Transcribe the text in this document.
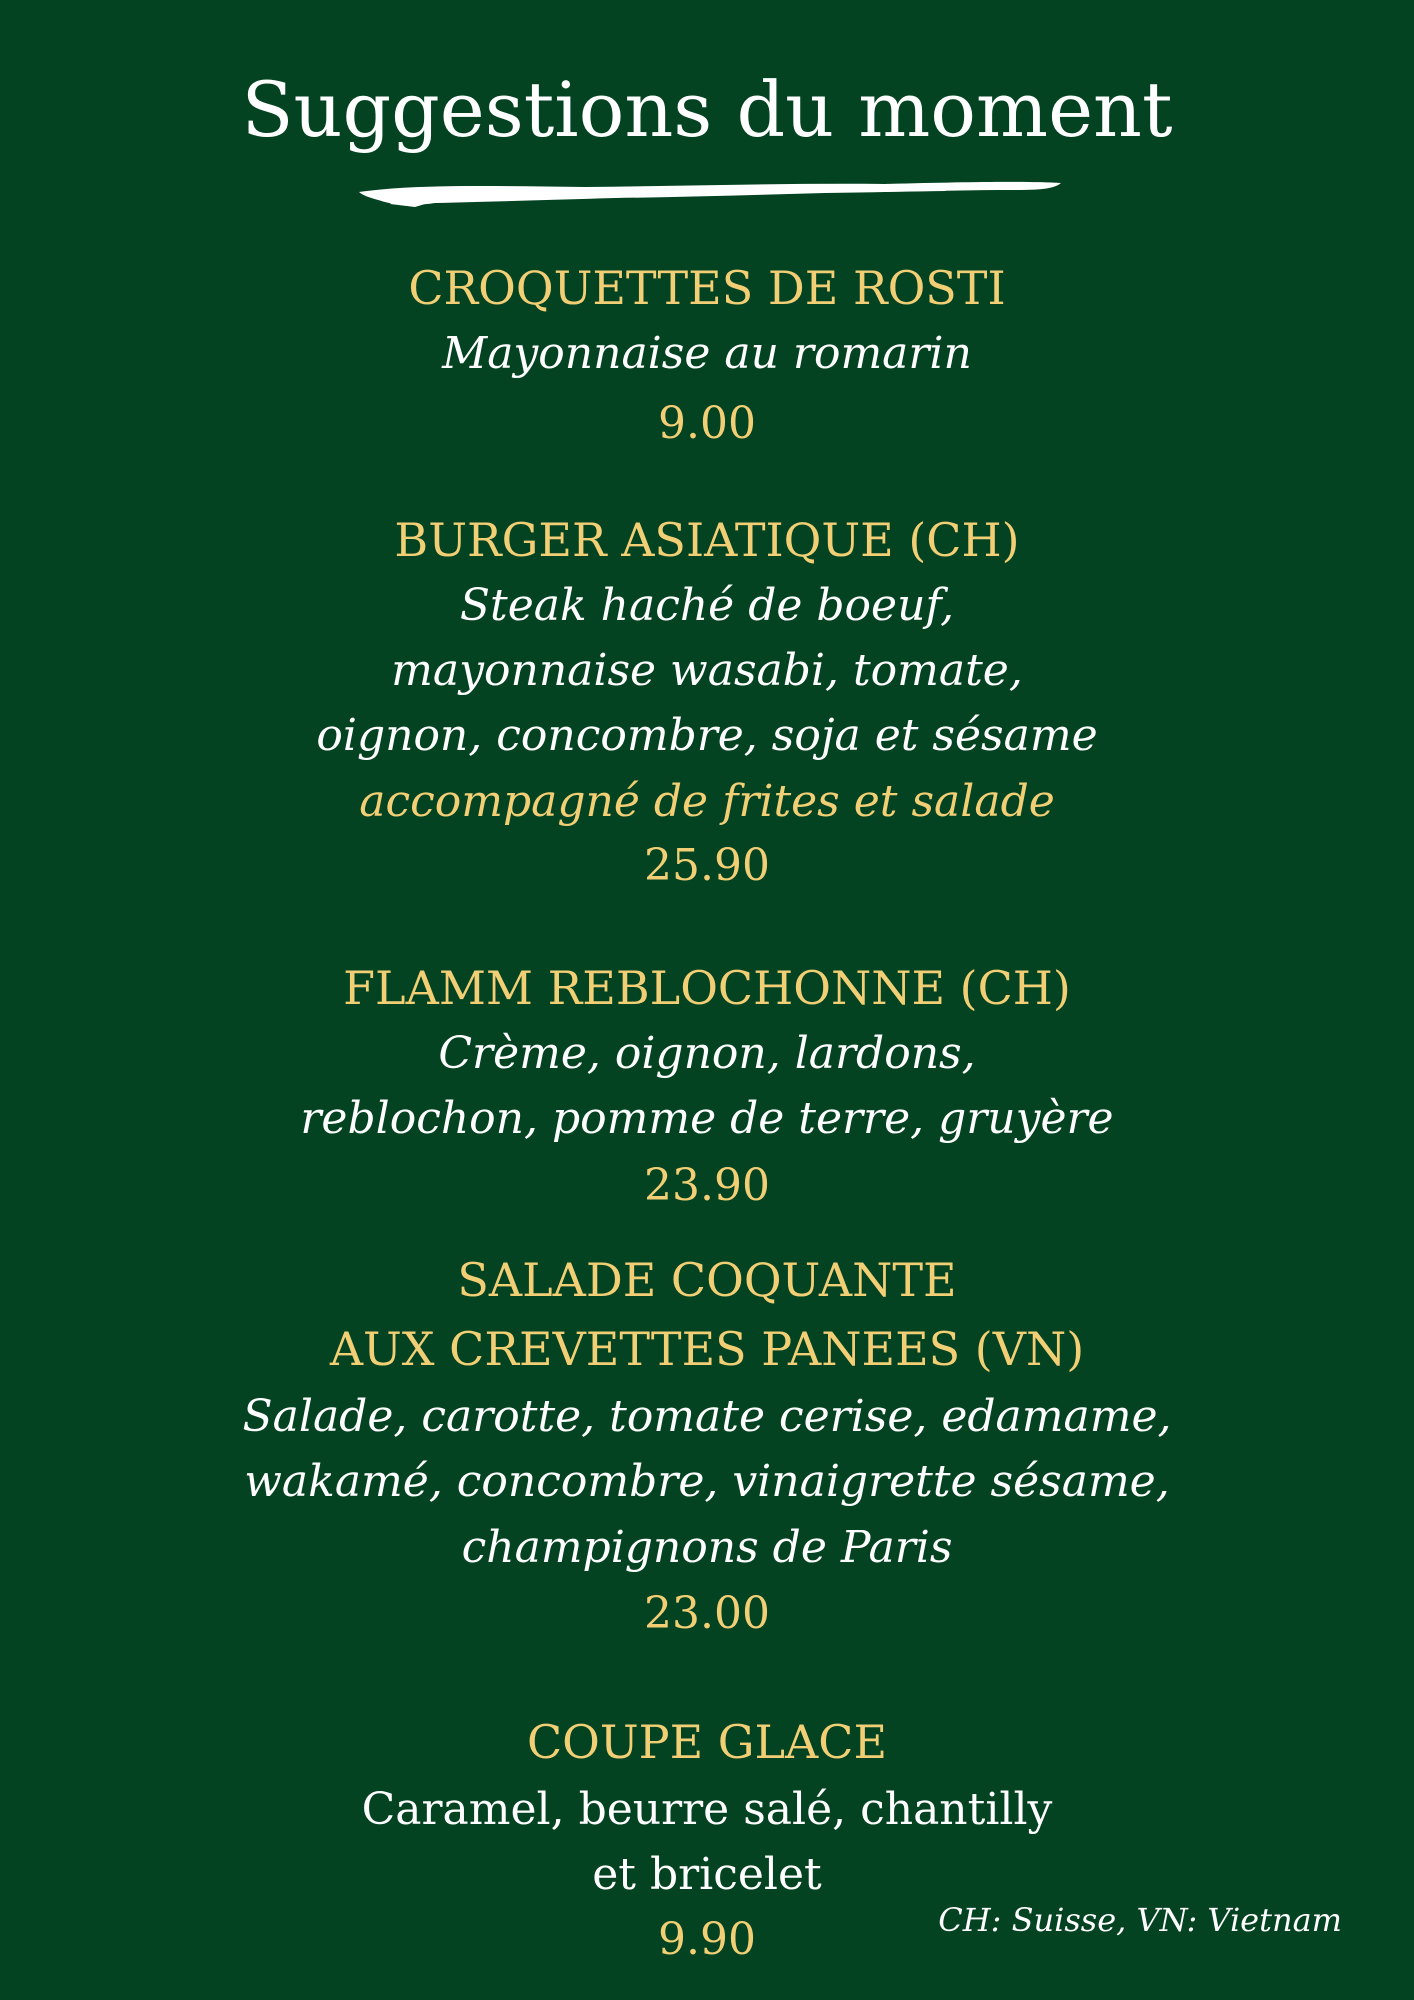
Suggestions du moment
CROQUETTES DE ROSTI
Mayonnaise au romarin
9.00
BURGER ASIATIQUE (CH)
Steak haché de boeuf,
mayonnaise wasabi, tomate,
oignon, concombre, soja et sésame
accompagné de frites et salade
25.90
FLAMM REBLOCHONNE (CH)
Crème, oignon, lardons,
reblochon, pomme de terre, gruyère
23.90
SALADE COQUANTE
AUX CREVETTES PANEES (VN)
Salade, carotte, tomate cerise, edamame,
wakamé, concombre, vinaigrette sésame,
champignons de Paris
23.00
COUPE GLACE
Caramel, beurre salé, chantilly
et bricelet
9.90	CH: Suisse, VN: Vietnam
